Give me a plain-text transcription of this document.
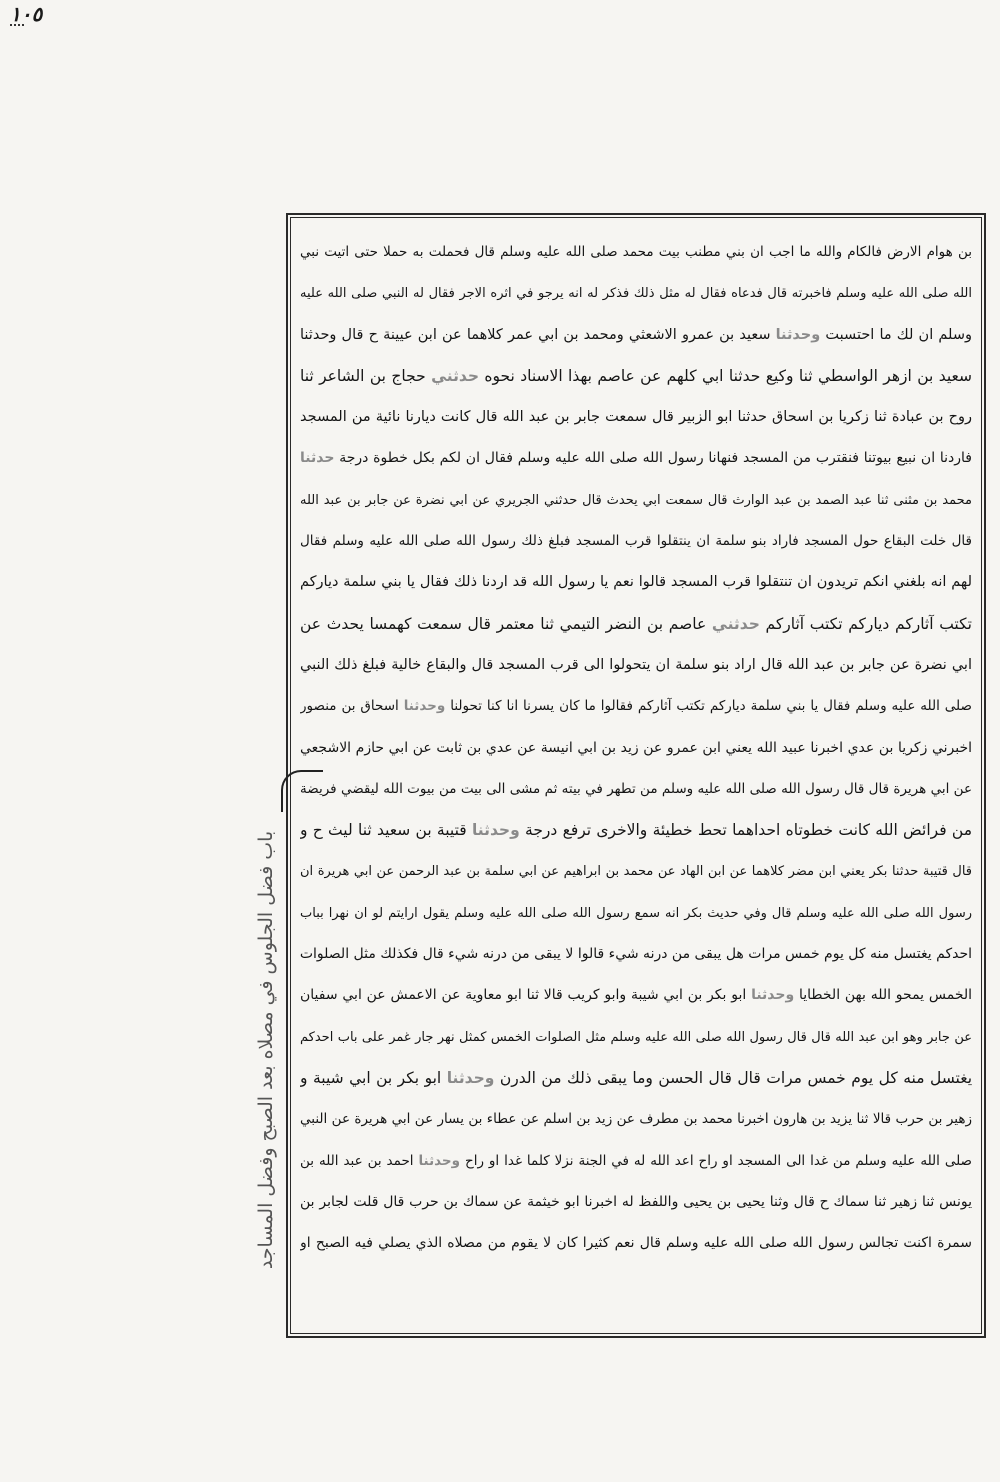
١٠٥
بن هوام الارض فالكام والله ما اجب ان بني مطنب بيت محمد صلى الله عليه وسلم قال فحملت به حملا حتى اتيت نبي
الله صلى الله عليه وسلم فاخبرته قال فدعاه فقال له مثل ذلك فذكر له انه يرجو في اثره الاجر فقال له النبي صلى الله عليه
وسلم ان لك ما احتسبت وحدثنا سعيد بن عمرو الاشعثي ومحمد بن ابي عمر كلاهما عن ابن عيينة ح قال وحدثنا
سعيد بن ازهر الواسطي ثنا وكيع حدثنا ابي كلهم عن عاصم بهذا الاسناد نحوه حدثني حجاج بن الشاعر ثنا
روح بن عبادة ثنا زكريا بن اسحاق حدثنا ابو الزبير قال سمعت جابر بن عبد الله قال كانت ديارنا نائية من المسجد
فاردنا ان نبيع بيوتنا فنقترب من المسجد فنهانا رسول الله صلى الله عليه وسلم فقال ان لكم بكل خطوة درجة حدثنا
محمد بن مثنى ثنا عبد الصمد بن عبد الوارث قال سمعت ابي يحدث قال حدثني الجريري عن ابي نضرة عن جابر بن عبد الله
قال خلت البقاع حول المسجد فاراد بنو سلمة ان ينتقلوا قرب المسجد فبلغ ذلك رسول الله صلى الله عليه وسلم فقال
لهم انه بلغني انكم تريدون ان تنتقلوا قرب المسجد قالوا نعم يا رسول الله قد اردنا ذلك فقال يا بني سلمة دياركم
تكتب آثاركم دياركم تكتب آثاركم حدثني عاصم بن النضر التيمي ثنا معتمر قال سمعت كهمسا يحدث عن
ابي نضرة عن جابر بن عبد الله قال اراد بنو سلمة ان يتحولوا الى قرب المسجد قال والبقاع خالية فبلغ ذلك النبي
صلى الله عليه وسلم فقال يا بني سلمة دياركم تكتب آثاركم فقالوا ما كان يسرنا انا كنا تحولنا وحدثنا اسحاق بن منصور
اخبرني زكريا بن عدي اخبرنا عبيد الله يعني ابن عمرو عن زيد بن ابي انيسة عن عدي بن ثابت عن ابي حازم الاشجعي
عن ابي هريرة قال قال رسول الله صلى الله عليه وسلم من تطهر في بيته ثم مشى الى بيت من بيوت الله ليقضي فريضة
من فرائض الله كانت خطوتاه احداهما تحط خطيئة والاخرى ترفع درجة وحدثنا قتيبة بن سعيد ثنا ليث ح و
قال قتيبة حدثنا بكر يعني ابن مضر كلاهما عن ابن الهاد عن محمد بن ابراهيم عن ابي سلمة بن عبد الرحمن عن ابي هريرة ان
رسول الله صلى الله عليه وسلم قال وفي حديث بكر انه سمع رسول الله صلى الله عليه وسلم يقول ارايتم لو ان نهرا بباب
احدكم يغتسل منه كل يوم خمس مرات هل يبقى من درنه شيء قالوا لا يبقى من درنه شيء قال فكذلك مثل الصلوات
الخمس يمحو الله بهن الخطايا وحدثنا ابو بكر بن ابي شيبة وابو كريب قالا ثنا ابو معاوية عن الاعمش عن ابي سفيان
عن جابر وهو ابن عبد الله قال قال رسول الله صلى الله عليه وسلم مثل الصلوات الخمس كمثل نهر جار غمر على باب احدكم
يغتسل منه كل يوم خمس مرات قال قال الحسن وما يبقى ذلك من الدرن وحدثنا ابو بكر بن ابي شيبة و
زهير بن حرب قالا ثنا يزيد بن هارون اخبرنا محمد بن مطرف عن زيد بن اسلم عن عطاء بن يسار عن ابي هريرة عن النبي
صلى الله عليه وسلم من غدا الى المسجد او راح اعد الله له في الجنة نزلا كلما غدا او راح وحدثنا احمد بن عبد الله بن
يونس ثنا زهير ثنا سماك ح قال وثنا يحيى بن يحيى واللفظ له اخبرنا ابو خيثمة عن سماك بن حرب قال قلت لجابر بن
سمرة اكنت تجالس رسول الله صلى الله عليه وسلم قال نعم كثيرا كان لا يقوم من مصلاه الذي يصلي فيه الصبح او
باب فضل الجلوس في مصلاه بعد الصبح وفضل المساجد
